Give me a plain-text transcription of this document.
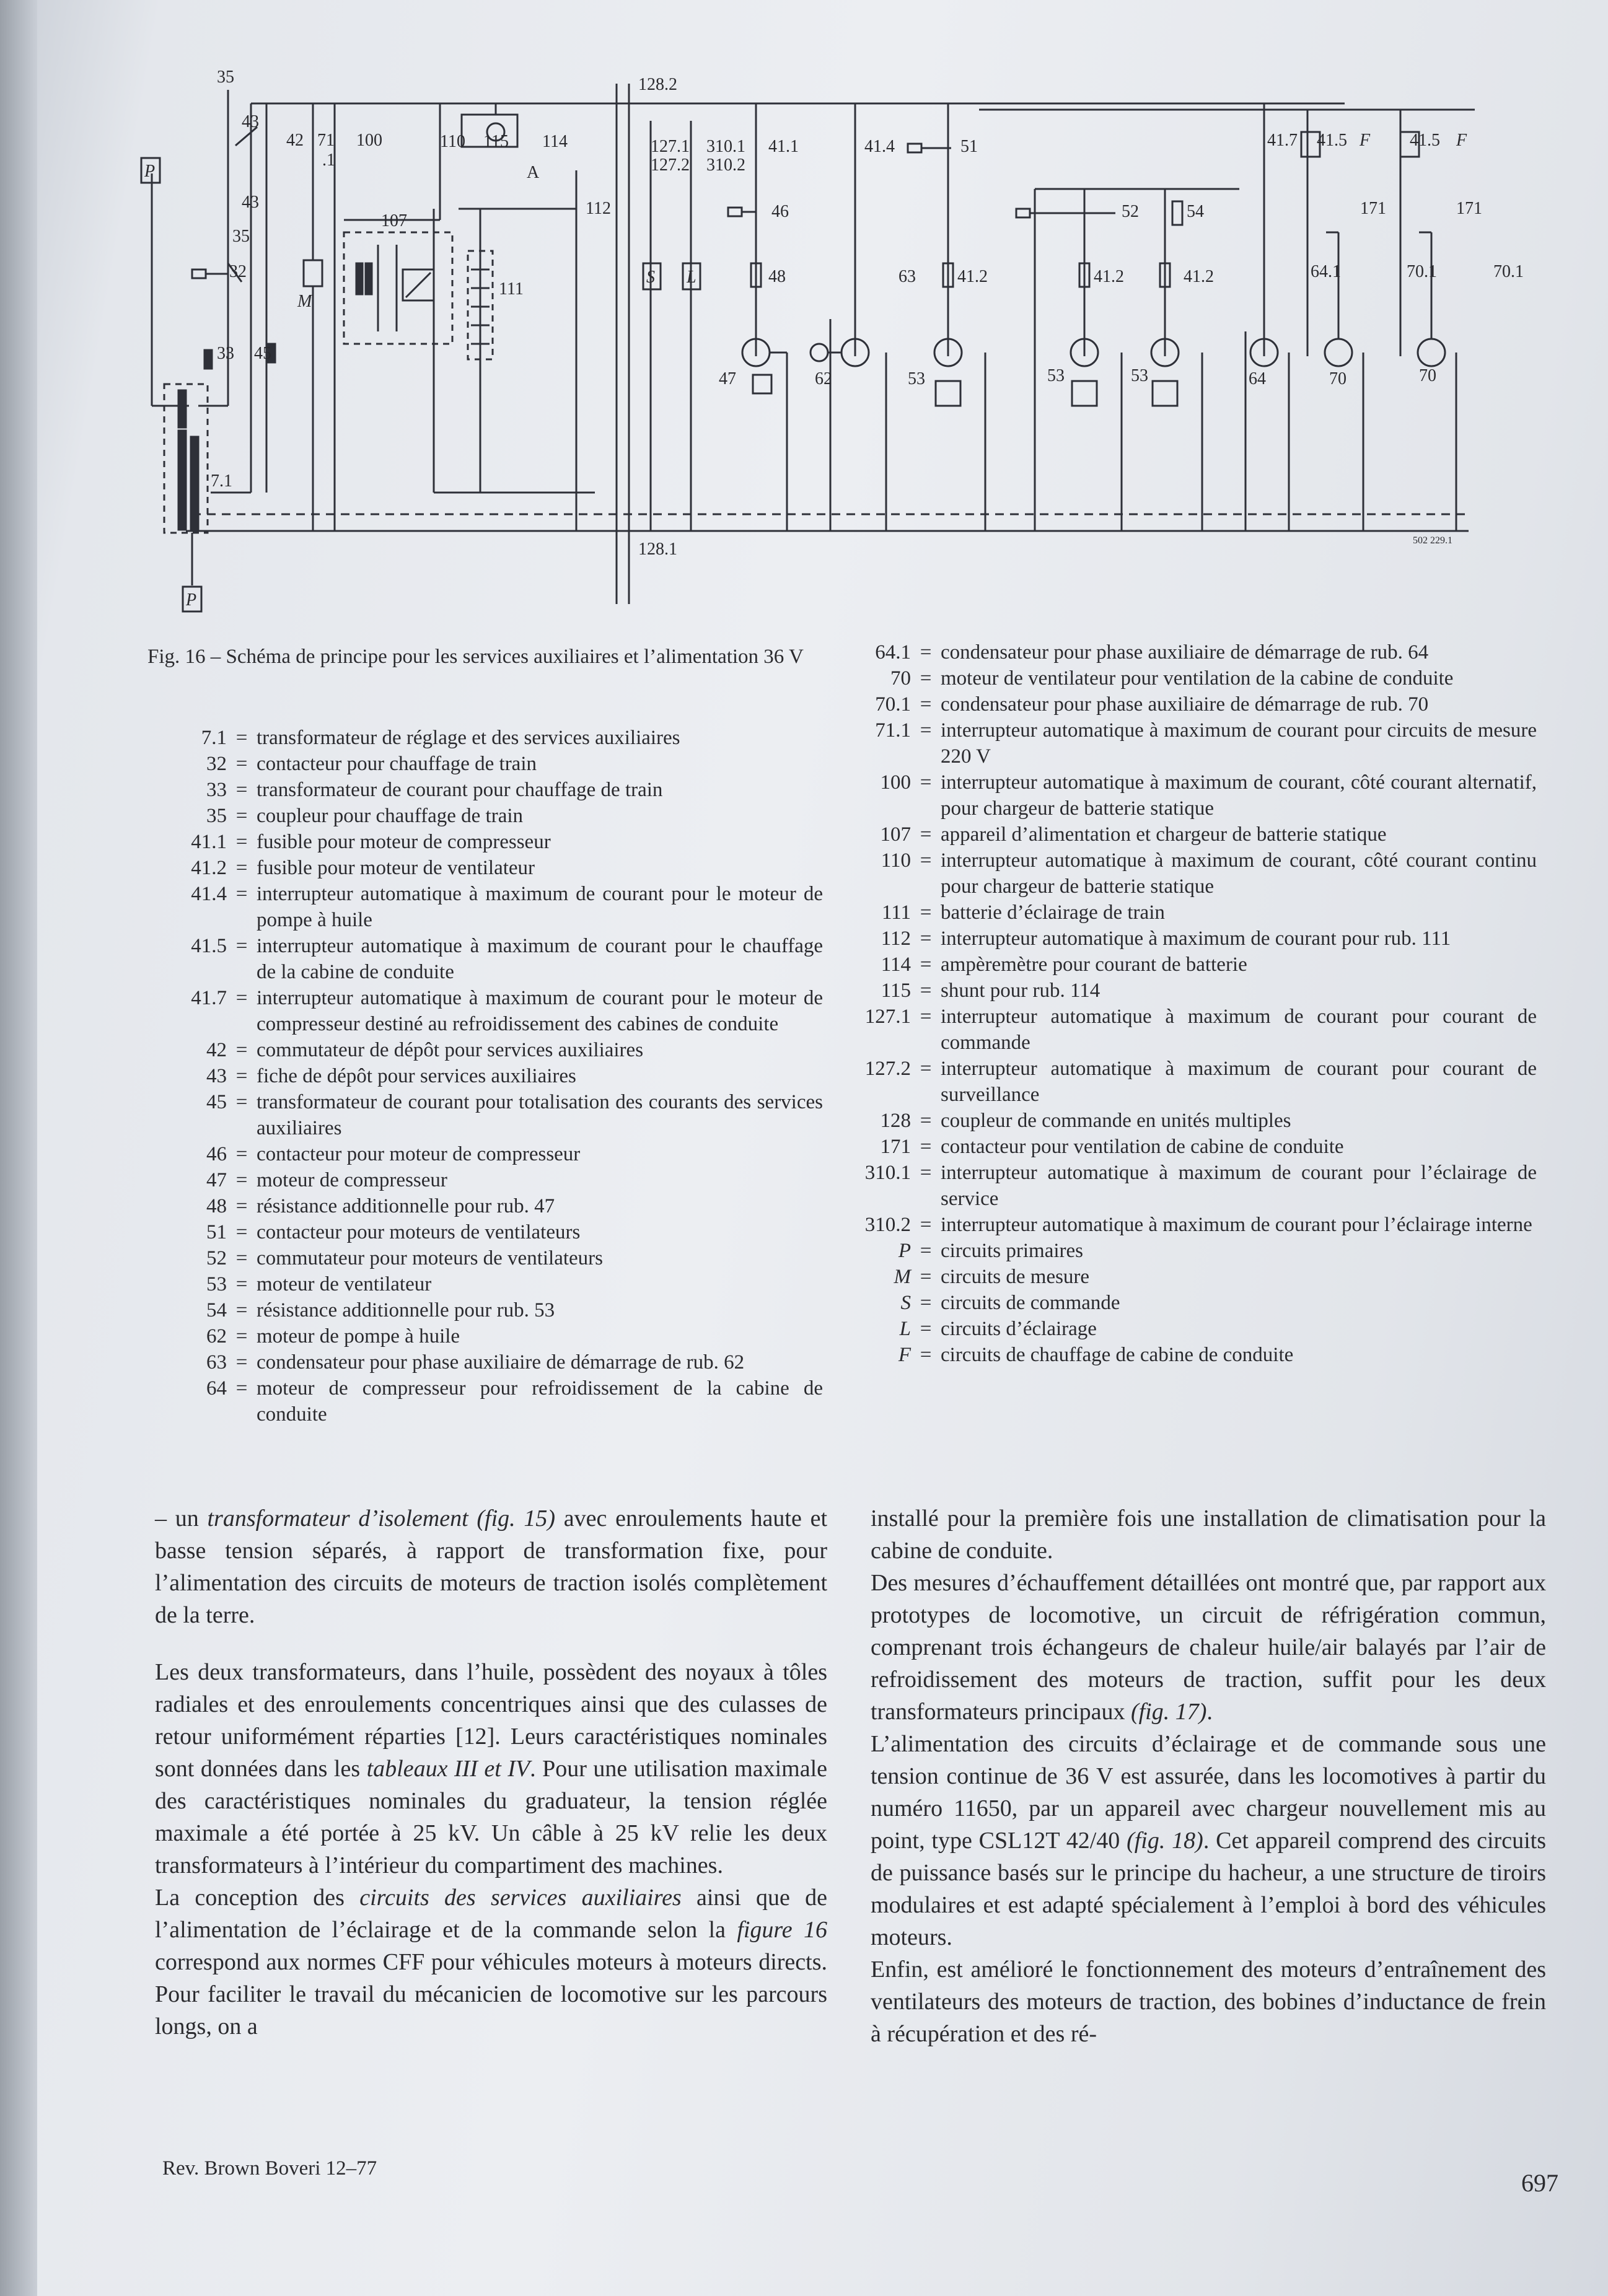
35
43
42 71
.1
100
128.2
110 115 114
A
127.1
127.2
310.1
310.2
41.1	41.4	51	41.7 41.5	41.5
F	F
P
P
43
35
32
107
112	46	52	54	171	171
M
111
S L	48	63 41.2	41.2	41.2	64.1	70.1	70.1
33 45
47	62	53	53	53	64	70	70
7.1
128.1	502 229.1
Fig. 16 – Schéma de principe pour les services auxiliaires et l’alimentation 36 V
7.1 = transformateur de réglage et des services auxiliaires
32 = contacteur pour chauffage de train
33 = transformateur de courant pour chauffage de train
35 = coupleur pour chauffage de train
41.1 = fusible pour moteur de compresseur
41.2 = fusible pour moteur de ventilateur
41.4 = interrupteur automatique à maximum de courant pour le moteur de pompe à huile
41.5 = interrupteur automatique à maximum de courant pour le chauffage de la cabine de conduite
41.7 = interrupteur automatique à maximum de courant pour le moteur de compresseur destiné au refroidissement des cabines de conduite
42 = commutateur de dépôt pour services auxiliaires
43 = fiche de dépôt pour services auxiliaires
45 = transformateur de courant pour totalisation des courants des services auxiliaires
46 = contacteur pour moteur de compresseur
47 = moteur de compresseur
48 = résistance additionnelle pour rub. 47
51 = contacteur pour moteurs de ventilateurs
52 = commutateur pour moteurs de ventilateurs
53 = moteur de ventilateur
54 = résistance additionnelle pour rub. 53
62 = moteur de pompe à huile
63 = condensateur pour phase auxiliaire de démarrage de rub. 62
64 = moteur de compresseur pour refroidissement de la cabine de conduite
64.1 = condensateur pour phase auxiliaire de démarrage de rub. 64
70 = moteur de ventilateur pour ventilation de la cabine de conduite
70.1 = condensateur pour phase auxiliaire de démarrage de rub. 70
71.1 = interrupteur automatique à maximum de courant pour circuits de mesure 220 V
100 = interrupteur automatique à maximum de courant, côté courant alternatif, pour chargeur de batterie statique
107 = appareil d’alimentation et chargeur de batterie statique
110 = interrupteur automatique à maximum de courant, côté courant continu pour chargeur de batterie statique
111 = batterie d’éclairage de train
112 = interrupteur automatique à maximum de courant pour rub. 111
114 = ampèremètre pour courant de batterie
115 = shunt pour rub. 114
127.1 = interrupteur automatique à maximum de courant pour courant de commande
127.2 = interrupteur automatique à maximum de courant pour courant de surveillance
128 = coupleur de commande en unités multiples
171 = contacteur pour ventilation de cabine de conduite
310.1 = interrupteur automatique à maximum de courant pour l’éclairage de service
310.2 = interrupteur automatique à maximum de courant pour l’éclairage interne
P = circuits primaires
M = circuits de mesure
S = circuits de commande
L = circuits d’éclairage
F = circuits de chauffage de cabine de conduite

– un transformateur d’isolement (fig. 15) avec enroulements haute et basse tension séparés, à rapport de transformation fixe, pour l’alimentation des circuits de moteurs de traction isolés complètement de la terre.

Les deux transformateurs, dans l’huile, possèdent des noyaux à tôles radiales et des enroulements concentriques ainsi que des culasses de retour uniformément réparties [12]. Leurs caractéristiques nominales sont données dans les tableaux III et IV. Pour une utilisation maximale des caractéristiques nominales du graduateur, la tension réglée maximale a été portée à 25 kV. Un câble à 25 kV relie les deux transformateurs à l’intérieur du compartiment des machines.

La conception des circuits des services auxiliaires ainsi que de l’alimentation de l’éclairage et de la commande selon la figure 16 correspond aux normes CFF pour véhicules moteurs à moteurs directs. Pour faciliter le travail du mécanicien de locomotive sur les parcours longs, on a

installé pour la première fois une installation de climatisation pour la cabine de conduite.

Des mesures d’échauffement détaillées ont montré que, par rapport aux prototypes de locomotive, un circuit de réfrigération commun, comprenant trois échangeurs de chaleur huile/air balayés par l’air de refroidissement des moteurs de traction, suffit pour les deux transformateurs principaux (fig. 17).

L’alimentation des circuits d’éclairage et de commande sous une tension continue de 36 V est assurée, dans les locomotives à partir du numéro 11650, par un appareil avec chargeur nouvellement mis au point, type CSL12T 42/40 (fig. 18). Cet appareil comprend des circuits de puissance basés sur le principe du hacheur, a une structure de tiroirs modulaires et est adapté spécialement à l’emploi à bord des véhicules moteurs.

Enfin, est amélioré le fonctionnement des moteurs d’entraînement des ventilateurs des moteurs de traction, des bobines d’inductance de frein à récupération et des ré-

Rev. Brown Boveri 12–77
697
